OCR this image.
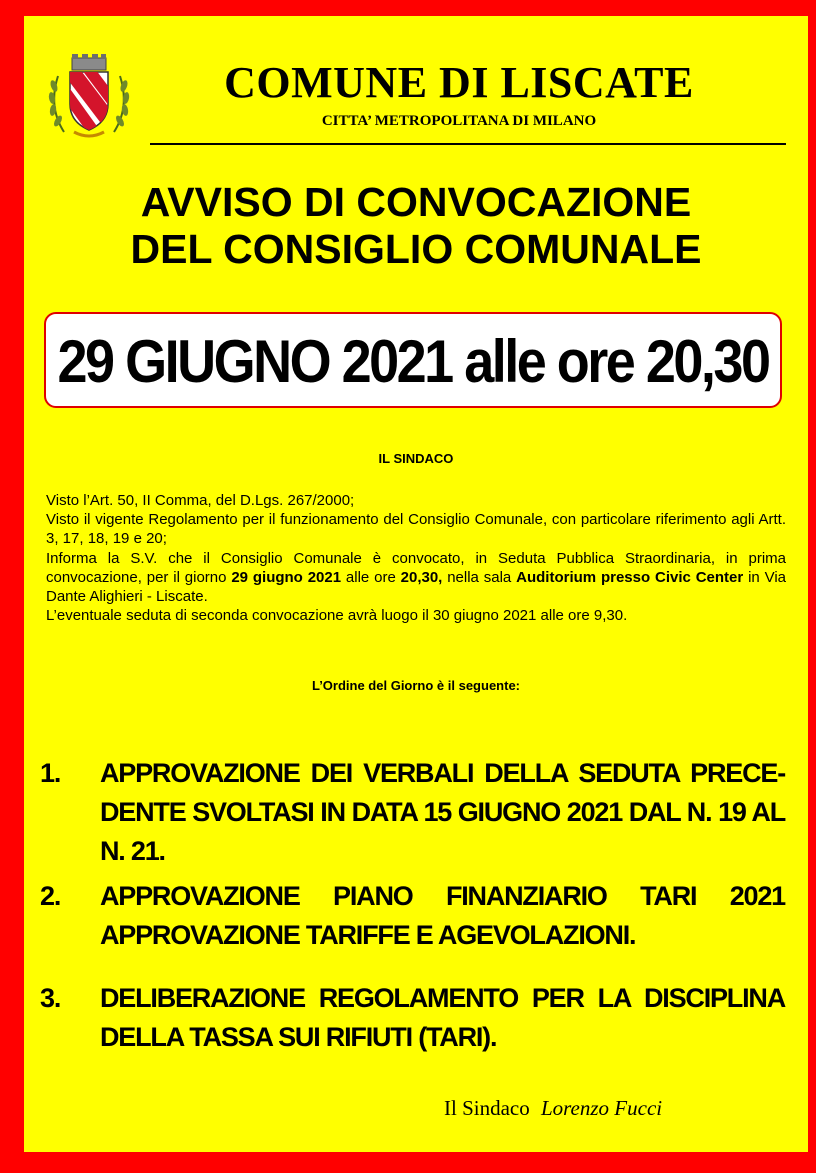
COMUNE DI LISCATE
CITTA’ METROPOLITANA DI MILANO
AVVISO DI CONVOCAZIONE
DEL CONSIGLIO COMUNALE
29 GIUGNO 2021 alle ore 20,30
IL SINDACO

Visto l’Art. 50, II Comma, del D.Lgs. 267/2000;

Visto il vigente Regolamento per il funzionamento del Consiglio Comunale, con particolare riferimento agli Artt. 3, 17, 18, 19 e 20;

Informa la S.V. che il Consiglio Comunale è convocato, in Seduta Pubblica Straordinaria, in prima convocazione, per il giorno 29 giugno 2021 alle ore 20,30, nella sala Auditorium presso Civic Center in Via Dante Alighieri - Liscate.

L’eventuale seduta di seconda convocazione avrà luogo il 30 giugno 2021 alle ore 9,30.

L’Ordine del Giorno è il seguente:
1.	APPROVAZIONE DEI VERBALI DELLA SEDUTA PRECE-DENTE SVOLTASI IN DATA 15 GIUGNO 2021 DAL N. 19 AL N. 21.
2.	APPROVAZIONE PIANO FINANZIARIO TARI 2021 APPROVAZIONE TARIFFE E AGEVOLAZIONI.
3.	DELIBERAZIONE REGOLAMENTO PER LA DISCIPLINA DELLA TASSA SUI RIFIUTI (TARI).
Il Sindaco Lorenzo Fucci
